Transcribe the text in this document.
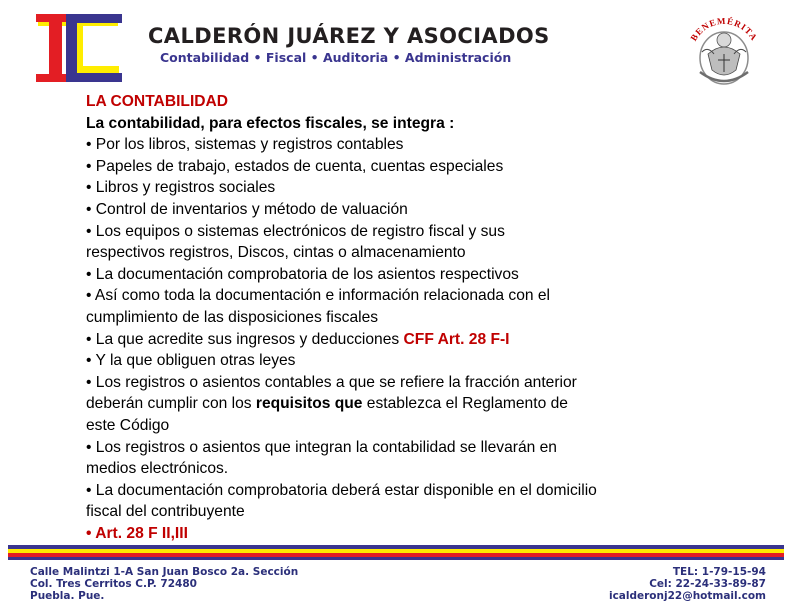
CALDERÓN JUÁREZ Y ASOCIADOS
Contabilidad • Fiscal • Auditoria • Administración
BENEMÉRITA
LA CONTABILIDAD
La contabilidad, para efectos fiscales, se integra :
• Por los libros, sistemas y registros contables
• Papeles de trabajo, estados de cuenta, cuentas especiales
• Libros y registros sociales
• Control de inventarios y método de valuación
• Los equipos o sistemas electrónicos de registro fiscal y sus
respectivos registros, Discos, cintas o almacenamiento
• La documentación comprobatoria de los asientos respectivos
• Así como toda la documentación e información relacionada con el
cumplimiento de las disposiciones fiscales
• La que acredite sus ingresos y deducciones CFF Art. 28 F-I
• Y la que obliguen otras leyes
• Los registros o asientos contables a que se refiere la fracción anterior
deberán cumplir con los requisitos que establezca el Reglamento de
este Código
• Los registros o asientos que integran la contabilidad se llevarán en
medios electrónicos.
• La documentación comprobatoria deberá estar disponible en el domicilio
fiscal del contribuyente
• Art. 28 F II,III
Calle Malintzi 1-A San Juan Bosco 2a. Sección
Col. Tres Cerritos C.P. 72480
Puebla. Pue.
TEL: 1-79-15-94
Cel: 22-24-33-89-87
icalderonj22@hotmail.com
